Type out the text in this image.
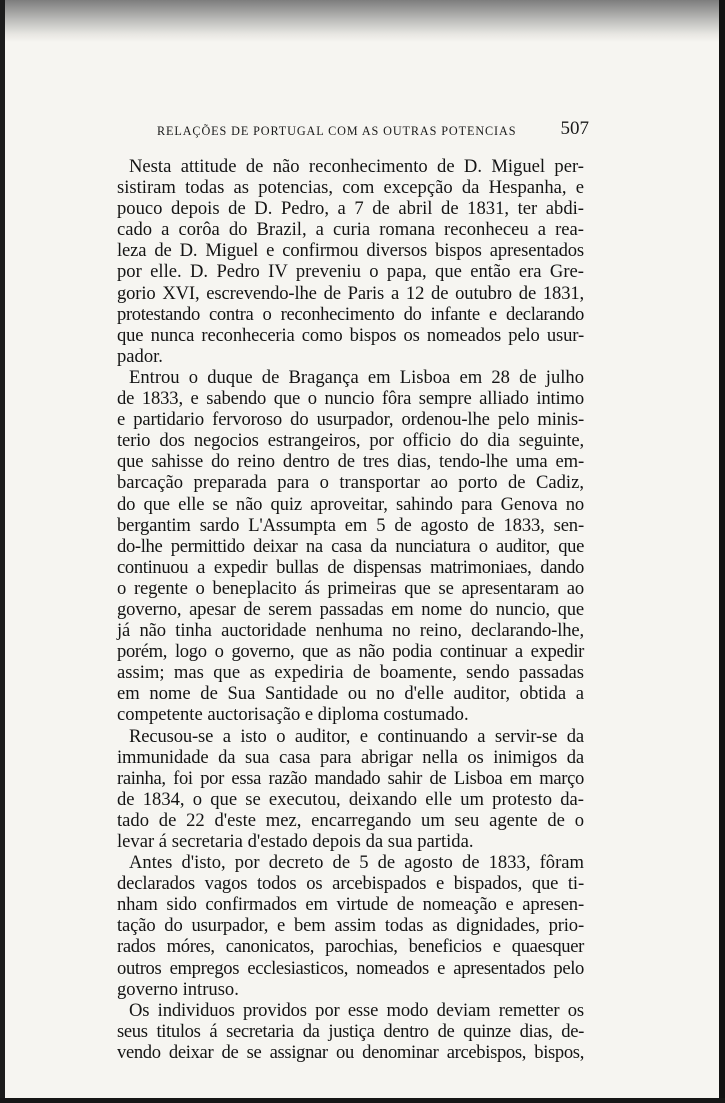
RELAÇÕES DE PORTUGAL COM AS OUTRAS POTENCIAS 507
Nesta attitude de não reconhecimento de D. Miguel per-
sistiram todas as potencias, com excepção da Hespanha, e
pouco depois de D. Pedro, a 7 de abril de 1831, ter abdi-
cado a corôa do Brazil, a curia romana reconheceu a rea-
leza de D. Miguel e confirmou diversos bispos apresentados
por elle. D. Pedro IV preveniu o papa, que então era Gre-
gorio XVI, escrevendo-lhe de Paris a 12 de outubro de 1831,
protestando contra o reconhecimento do infante e declarando
que nunca reconheceria como bispos os nomeados pelo usur-
pador.
Entrou o duque de Bragança em Lisboa em 28 de julho
de 1833, e sabendo que o nuncio fôra sempre alliado intimo
e partidario fervoroso do usurpador, ordenou-lhe pelo minis-
terio dos negocios estrangeiros, por officio do dia seguinte,
que sahisse do reino dentro de tres dias, tendo-lhe uma em-
barcação preparada para o transportar ao porto de Cadiz,
do que elle se não quiz aproveitar, sahindo para Genova no
bergantim sardo L'Assumpta em 5 de agosto de 1833, sen-
do-lhe permittido deixar na casa da nunciatura o auditor, que
continuou a expedir bullas de dispensas matrimoniaes, dando
o regente o beneplacito ás primeiras que se apresentaram ao
governo, apesar de serem passadas em nome do nuncio, que
já não tinha auctoridade nenhuma no reino, declarando-lhe,
porém, logo o governo, que as não podia continuar a expedir
assim; mas que as expediria de boamente, sendo passadas
em nome de Sua Santidade ou no d'elle auditor, obtida a
competente auctorisação e diploma costumado.
Recusou-se a isto o auditor, e continuando a servir-se da
immunidade da sua casa para abrigar nella os inimigos da
rainha, foi por essa razão mandado sahir de Lisboa em março
de 1834, o que se executou, deixando elle um protesto da-
tado de 22 d'este mez, encarregando um seu agente de o
levar á secretaria d'estado depois da sua partida.
Antes d'isto, por decreto de 5 de agosto de 1833, fôram
declarados vagos todos os arcebispados e bispados, que ti-
nham sido confirmados em virtude de nomeação e apresen-
tação do usurpador, e bem assim todas as dignidades, prio-
rados móres, canonicatos, parochias, beneficios e quaesquer
outros empregos ecclesiasticos, nomeados e apresentados pelo
governo intruso.
Os individuos providos por esse modo deviam remetter os
seus titulos á secretaria da justiça dentro de quinze dias, de-
vendo deixar de se assignar ou denominar arcebispos, bispos,
